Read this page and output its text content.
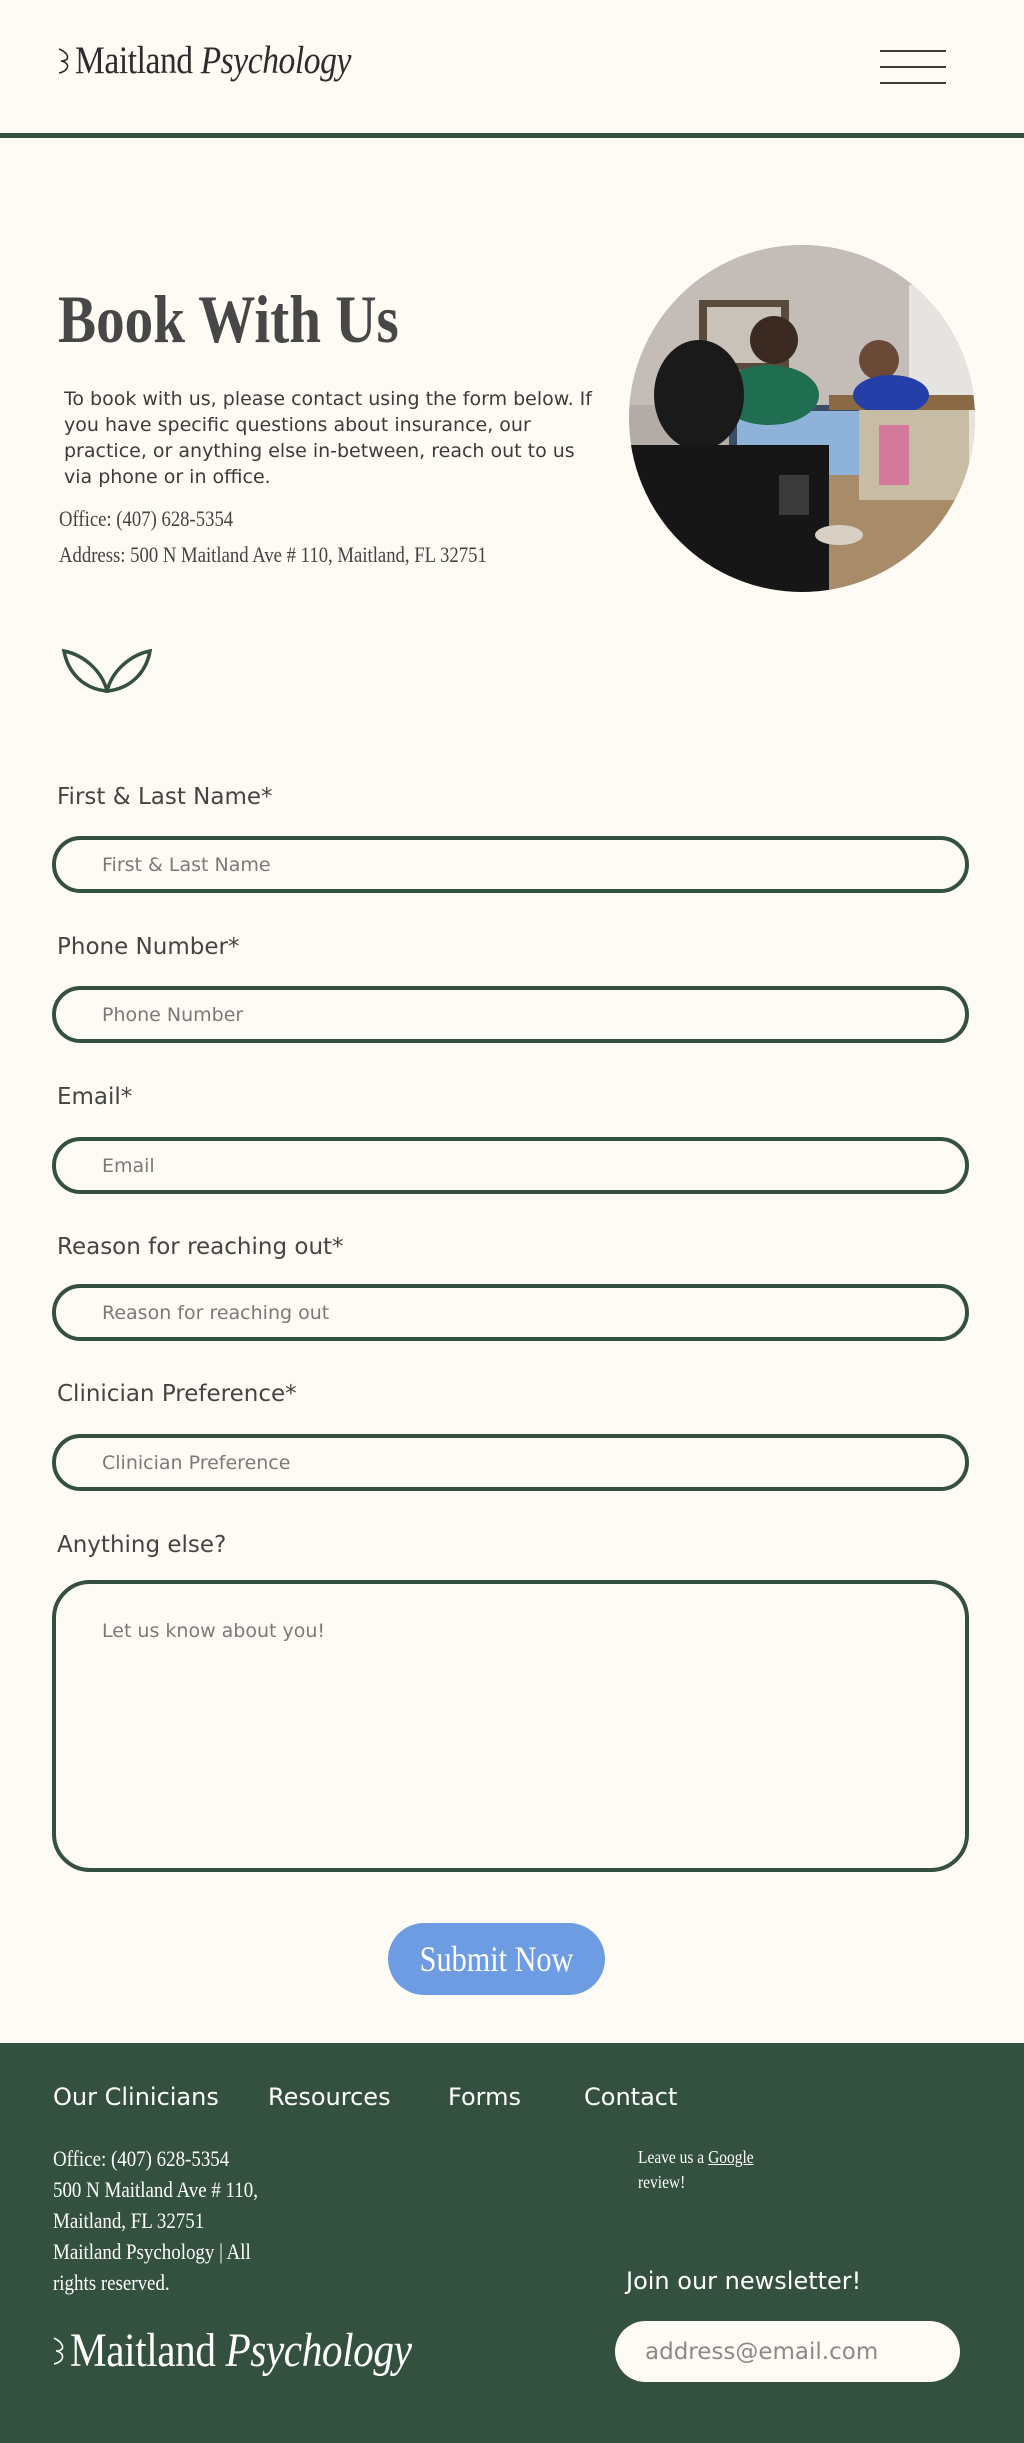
Maitland Psychology
Book With Us

To book with us, please contact using the form below. If you have specific questions about insurance, our practice, or anything else in-between, reach out to us via phone or in office.

Office: (407) 628-5354
Address: 500 N Maitland Ave # 110, Maitland, FL 32751
First & Last Name*
First & Last Name
Phone Number*
Phone Number
Email*
Email
Reason for reaching out*
Reason for reaching out
Clinician Preference*
Clinician Preference
Anything else?
Let us know about you!
Submit Now
Our Clinicians Resources Forms	Contact
Office: (407) 628-5354
500 N Maitland Ave # 110,
Maitland, FL 32751
Maitland Psychology | All
rights reserved.
Leave us a Google
review!
Join our newsletter!
address@email.com
Maitland Psychology
